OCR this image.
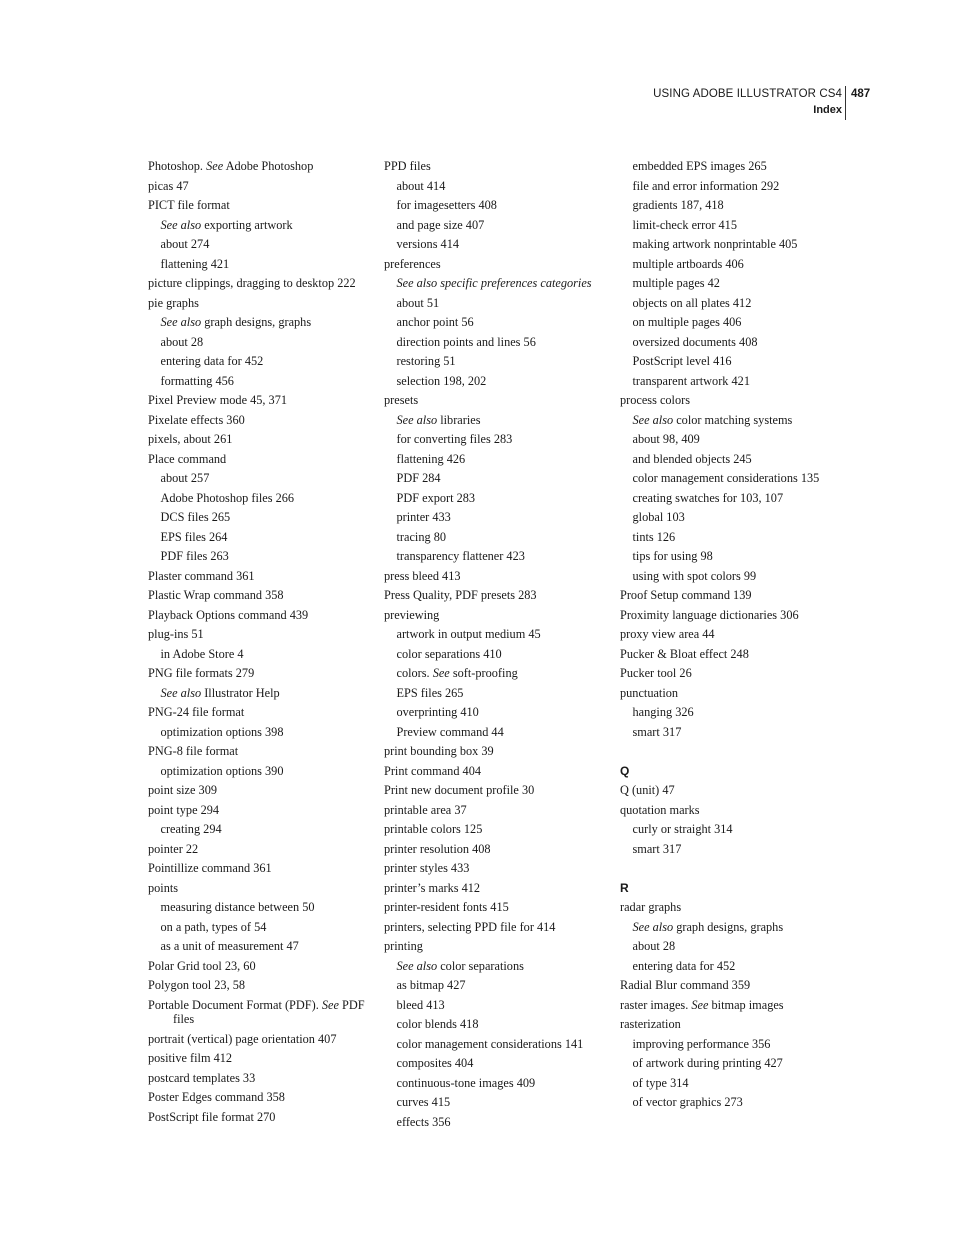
USING ADOBE ILLUSTRATOR CS4
Index
487
Photoshop. See Adobe Photoshop
picas 47
PICT file format
See also exporting artwork
about 274
flattening 421
picture clippings, dragging to desktop 222
pie graphs
See also graph designs, graphs
about 28
entering data for 452
formatting 456
Pixel Preview mode 45, 371
Pixelate effects 360
pixels, about 261
Place command
about 257
Adobe Photoshop files 266
DCS files 265
EPS files 264
PDF files 263
Plaster command 361
Plastic Wrap command 358
Playback Options command 439
plug-ins 51
in Adobe Store 4
PNG file formats 279
See also Illustrator Help
PNG-24 file format
optimization options 398
PNG-8 file format
optimization options 390
point size 309
point type 294
creating 294
pointer 22
Pointillize command 361
points
measuring distance between 50
on a path, types of 54
as a unit of measurement 47
Polar Grid tool 23, 60
Polygon tool 23, 58
Portable Document Format (PDF). See PDF files
portrait (vertical) page orientation 407
positive film 412
postcard templates 33
Poster Edges command 358
PostScript file format 270
PPD files
about 414
for imagesetters 408
and page size 407
versions 414
preferences
See also specific preferences categories
about 51
anchor point 56
direction points and lines 56
restoring 51
selection 198, 202
presets
See also libraries
for converting files 283
flattening 426
PDF 284
PDF export 283
printer 433
tracing 80
transparency flattener 423
press bleed 413
Press Quality, PDF presets 283
previewing
artwork in output medium 45
color separations 410
colors. See soft-proofing
EPS files 265
overprinting 410
Preview command 44
print bounding box 39
Print command 404
Print new document profile 30
printable area 37
printable colors 125
printer resolution 408
printer styles 433
printer’s marks 412
printer-resident fonts 415
printers, selecting PPD file for 414
printing
See also color separations
as bitmap 427
bleed 413
color blends 418
color management considerations 141
composites 404
continuous-tone images 409
curves 415
effects 356
embedded EPS images 265
file and error information 292
gradients 187, 418
limit-check error 415
making artwork nonprintable 405
multiple artboards 406
multiple pages 42
objects on all plates 412
on multiple pages 406
oversized documents 408
PostScript level 416
transparent artwork 421
process colors
See also color matching systems
about 98, 409
and blended objects 245
color management considerations 135
creating swatches for 103, 107
global 103
tints 126
tips for using 98
using with spot colors 99
Proof Setup command 139
Proximity language dictionaries 306
proxy view area 44
Pucker & Bloat effect 248
Pucker tool 26
punctuation
hanging 326
smart 317
Q
Q (unit) 47
quotation marks
curly or straight 314
smart 317
R
radar graphs
See also graph designs, graphs
about 28
entering data for 452
Radial Blur command 359
raster images. See bitmap images
rasterization
improving performance 356
of artwork during printing 427
of type 314
of vector graphics 273
